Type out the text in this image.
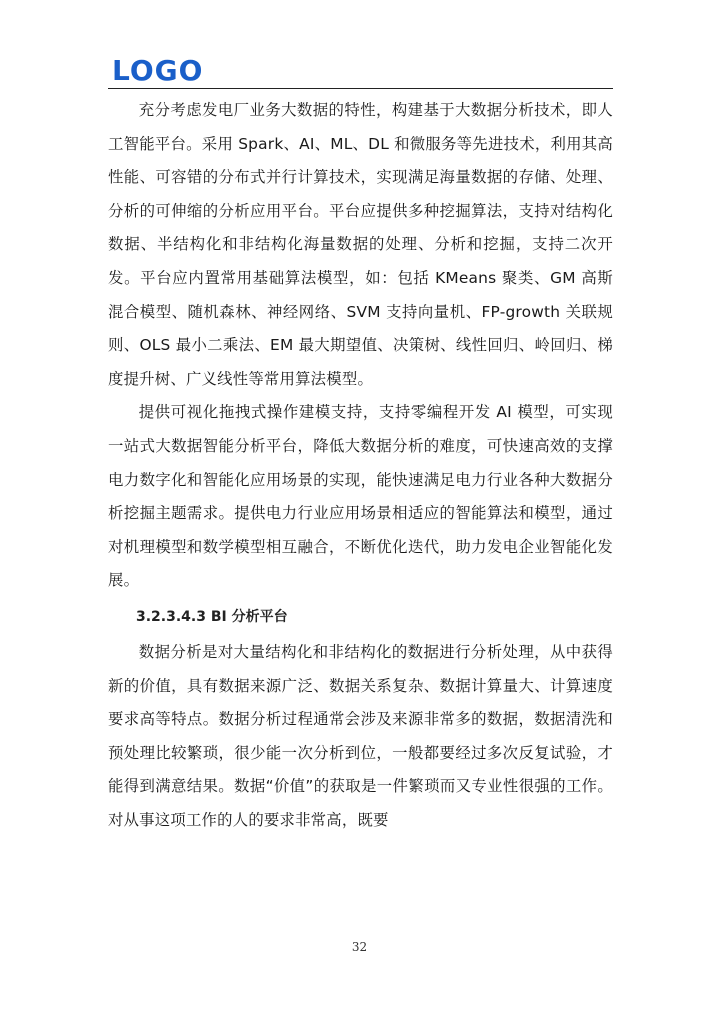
LOGO

充分考虑发电厂业务大数据的特性，构建基于大数据分析技术，即人工智能平台。采用 Spark、AI、ML、DL 和微服务等先进技术，利用其高性能、可容错的分布式并行计算技术，实现满足海量数据的存储、处理、分析的可伸缩的分析应用平台。平台应提供多种挖掘算法，支持对结构化数据、半结构化和非结构化海量数据的处理、分析和挖掘，支持二次开发。平台应内置常用基础算法模型，如：包括 KMeans 聚类、GM 高斯混合模型、随机森林、神经网络、SVM 支持向量机、FP-growth 关联规则、OLS 最小二乘法、EM 最大期望值、决策树、线性回归、岭回归、梯度提升树、广义线性等常用算法模型。

提供可视化拖拽式操作建模支持，支持零编程开发 AI 模型，可实现一站式大数据智能分析平台，降低大数据分析的难度，可快速高效的支撑电力数字化和智能化应用场景的实现，能快速满足电力行业各种大数据分析挖掘主题需求。提供电力行业应用场景相适应的智能算法和模型，通过对机理模型和数学模型相互融合，不断优化迭代，助力发电企业智能化发展。

3.2.3.4.3 BI 分析平台

数据分析是对大量结构化和非结构化的数据进行分析处理，从中获得新的价值，具有数据来源广泛、数据关系复杂、数据计算量大、计算速度要求高等特点。数据分析过程通常会涉及来源非常多的数据，数据清洗和预处理比较繁琐，很少能一次分析到位，一般都要经过多次反复试验，才能得到满意结果。数据“价值”的获取是一件繁琐而又专业性很强的工作。对从事这项工作的人的要求非常高，既要

32
